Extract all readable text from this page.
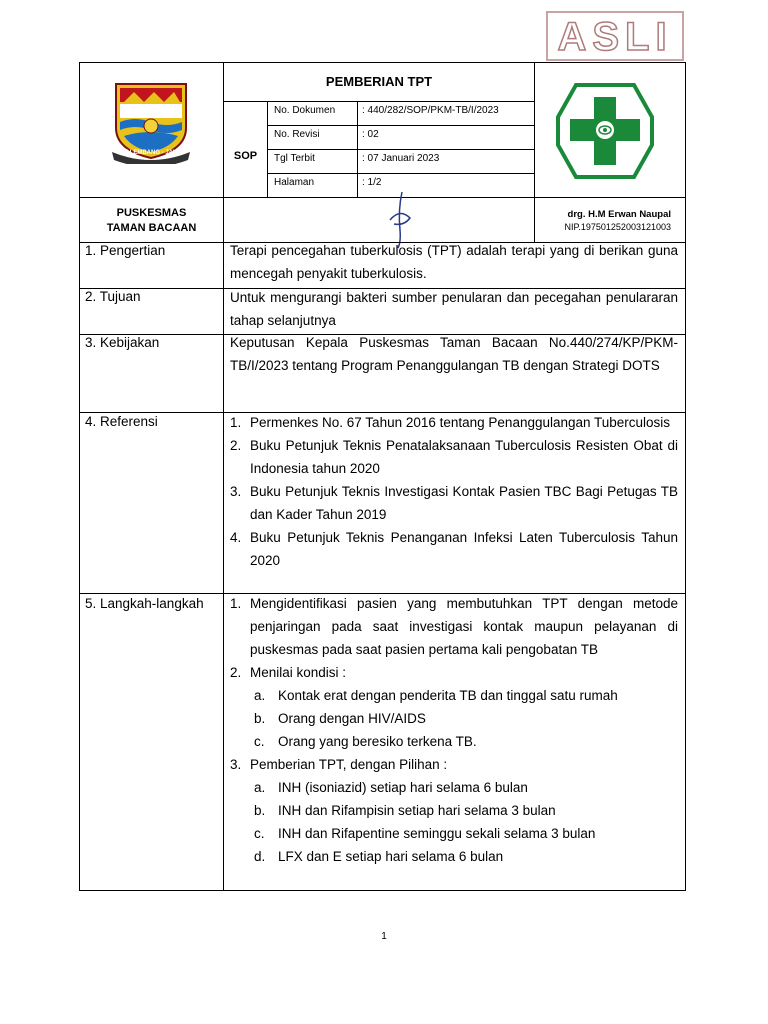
ASLI
PALEMBANG - JAYA
PEMBERIAN TPT
SOP
No. Dokumen	: 440/282/SOP/PKM-TB/I/2023
No. Revisi	: 02
Tgl Terbit	: 07 Januari 2023
Halaman	: 1/2
PUSKESMAS
TAMAN BACAAN
drg. H.M Erwan Naupal
NIP.197501252003121003
1. Pengertian	Terapi pencegahan tuberkulosis (TPT) adalah terapi yang di berikan guna mencegah penyakit tuberkulosis.
2. Tujuan	Untuk mengurangi bakteri sumber penularan dan pecegahan penulararan tahap selanjutnya
3. Kebijakan	Keputusan Kepala Puskesmas Taman Bacaan No.440/274/KP/PKM-TB/I/2023 tentang Program Penanggulangan TB dengan Strategi DOTS
4. Referensi	1. Permenkes No. 67 Tahun 2016 tentang Penanggulangan Tuberculosis
2. Buku Petunjuk Teknis Penatalaksanaan Tuberculosis Resisten Obat di Indonesia tahun 2020
3. Buku Petunjuk Teknis Investigasi Kontak Pasien TBC Bagi Petugas TB dan Kader Tahun 2019
4. Buku Petunjuk Teknis Penanganan Infeksi Laten Tuberculosis Tahun 2020
5. Langkah-langkah 1. Mengidentifikasi pasien yang membutuhkan TPT dengan metode penjaringan pada saat investigasi kontak maupun pelayanan di puskesmas pada saat pasien pertama kali pengobatan TB
2. Menilai kondisi :
a. Kontak erat dengan penderita TB dan tinggal satu rumah
b. Orang dengan HIV/AIDS
c. Orang yang beresiko terkena TB.
3. Pemberian TPT, dengan Pilihan :
a. INH (isoniazid) setiap hari selama 6 bulan
b. INH dan Rifampisin setiap hari selama 3 bulan
c. INH dan Rifapentine seminggu sekali selama 3 bulan
d. LFX dan E setiap hari selama 6 bulan
1
